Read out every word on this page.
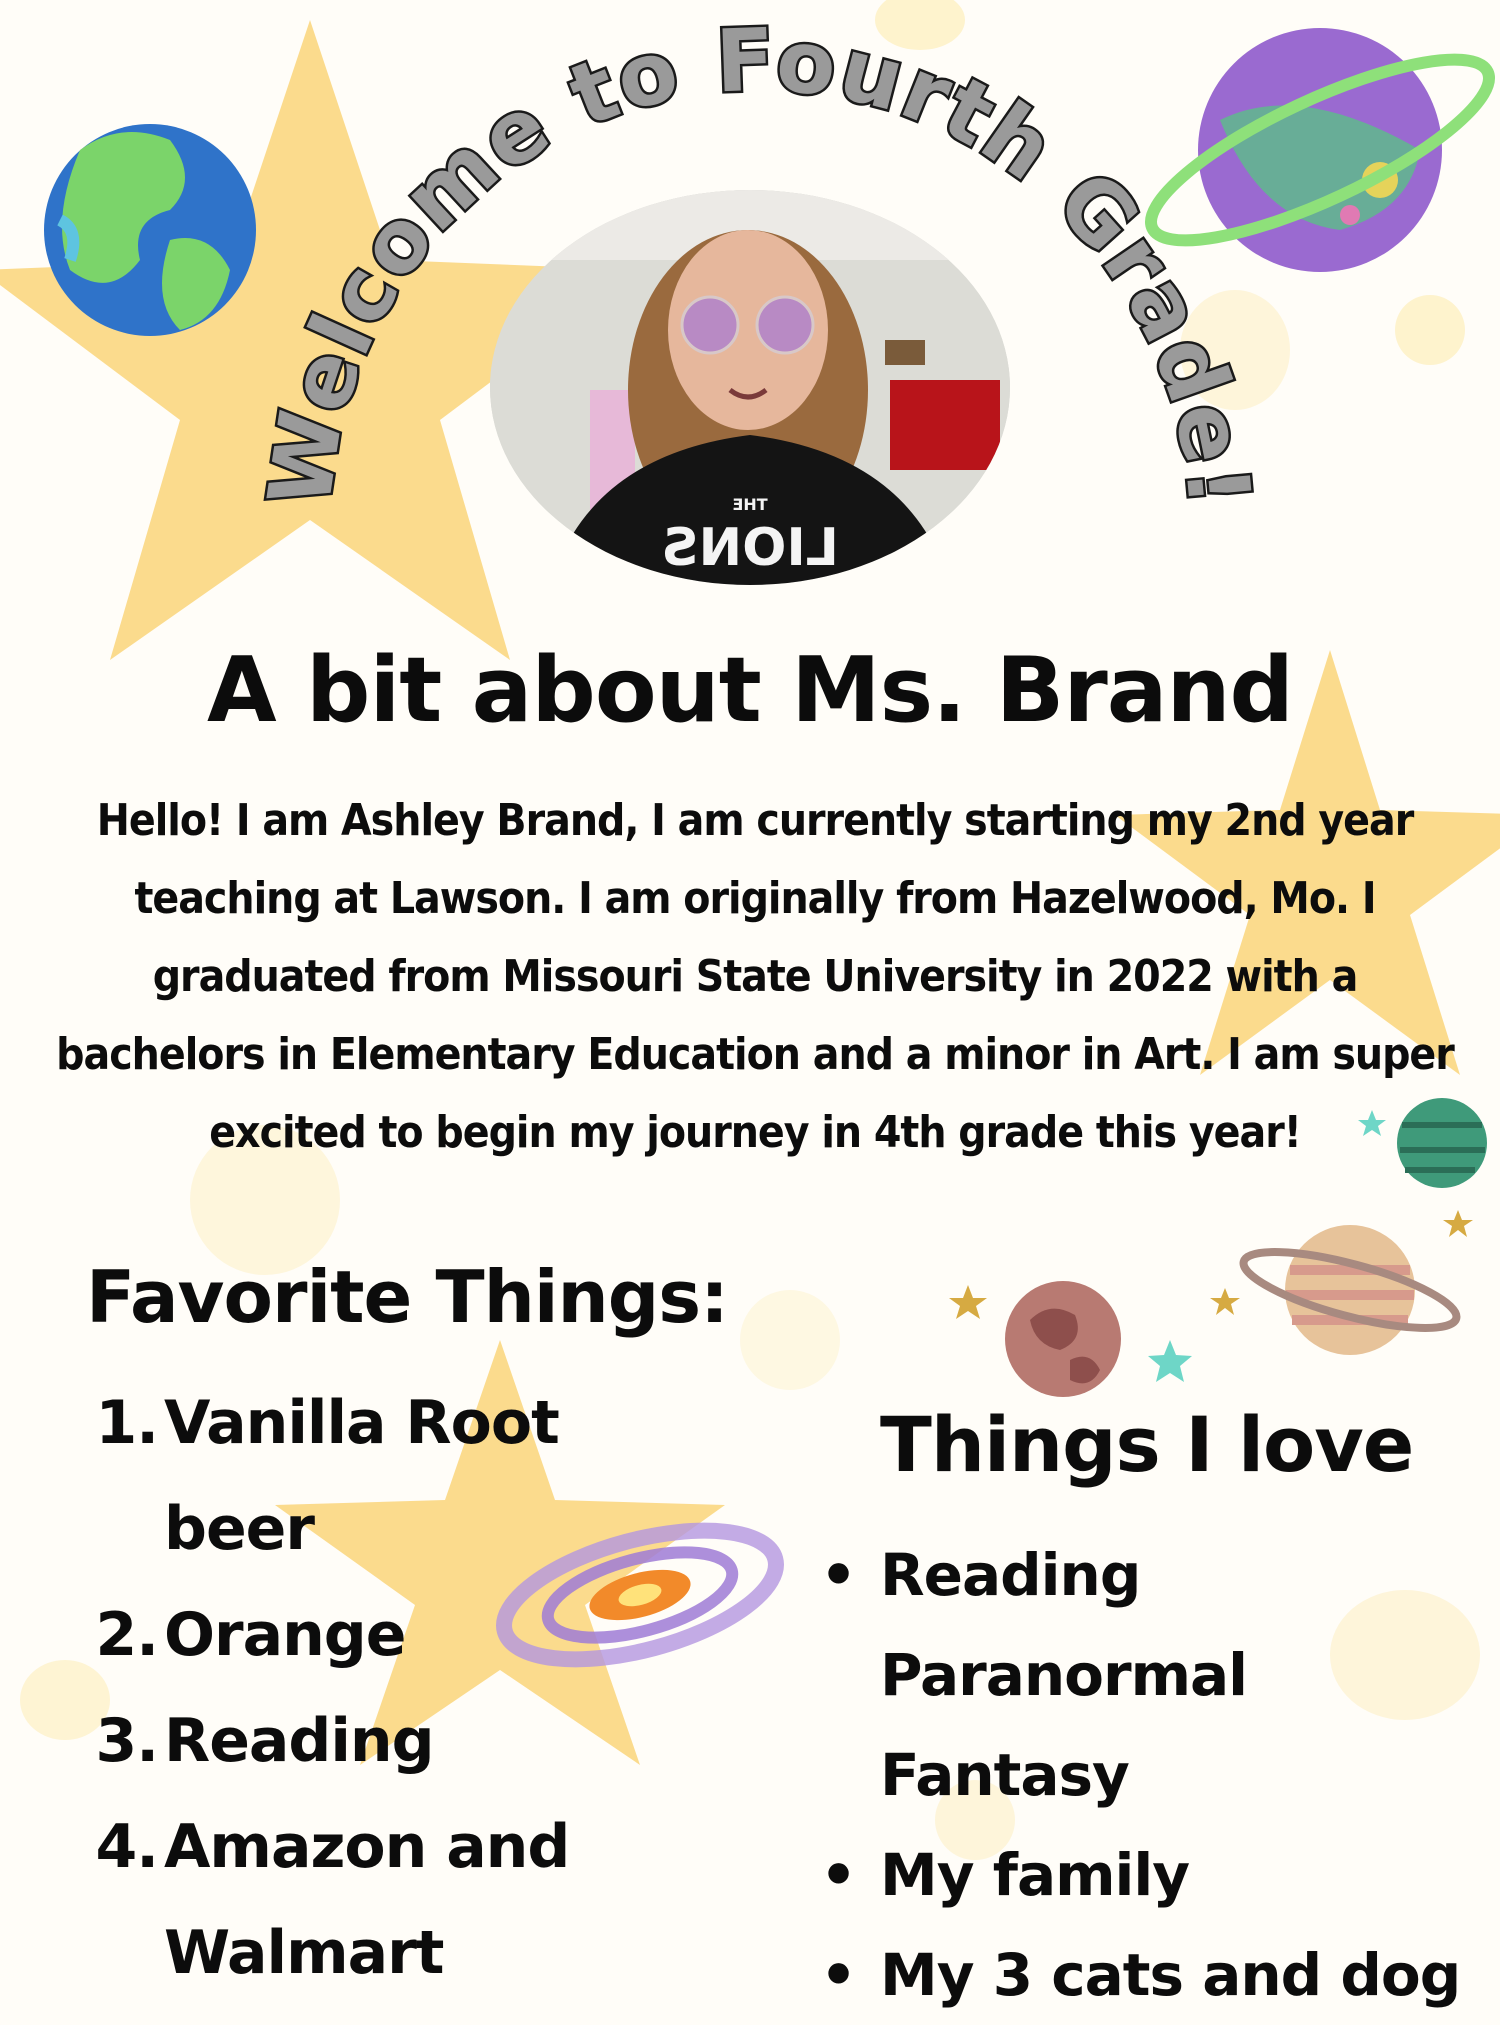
Welcome to Fourth Grade!
LIONS
THE
A bit about Ms. Brand
Hello! I am Ashley Brand, I am currently starting my 2nd year
teaching at Lawson. I am originally from Hazelwood, Mo. I
graduated from Missouri State University in 2022 with a
bachelors in Elementary Education and a minor in Art. I am super
excited to begin my journey in 4th grade this year!
Favorite Things:
1. Vanilla Root beer
2. Orange
3. Reading
4. Amazon and
Walmart
Things I love
• Reading Paranormal
Fantasy
• My family
• My 3 cats and dog
